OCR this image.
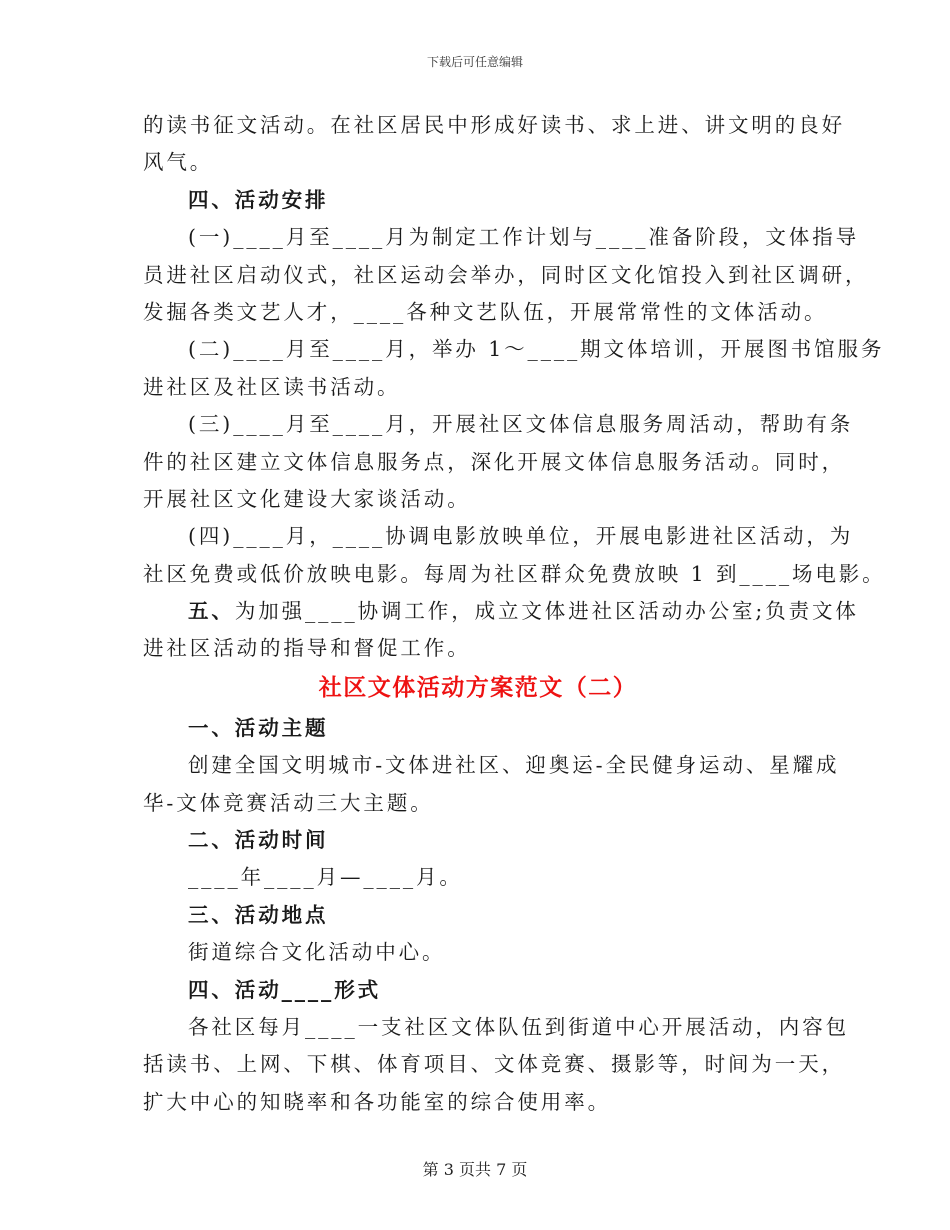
下载后可任意编辑
的读书征文活动。在社区居民中形成好读书、求上进、讲文明的良好
风气。
四、活动安排
(一)____月至____月为制定工作计划与____准备阶段，文体指导
员进社区启动仪式，社区运动会举办，同时区文化馆投入到社区调研，
发掘各类文艺人才，____各种文艺队伍，开展常常性的文体活动。
(二)____月至____月，举办 1～____期文体培训，开展图书馆服务
进社区及社区读书活动。
(三)____月至____月，开展社区文体信息服务周活动，帮助有条
件的社区建立文体信息服务点，深化开展文体信息服务活动。同时，
开展社区文化建设大家谈活动。
(四)____月，____协调电影放映单位，开展电影进社区活动，为
社区免费或低价放映电影。每周为社区群众免费放映 1 到____场电影。
五、为加强____协调工作，成立文体进社区活动办公室;负责文体
进社区活动的指导和督促工作。
社区文体活动方案范文（二）
一、活动主题
创建全国文明城市-文体进社区、迎奥运-全民健身运动、星耀成
华-文体竞赛活动三大主题。
二、活动时间
____年____月—____月。
三、活动地点
街道综合文化活动中心。
四、活动____形式
各社区每月____一支社区文体队伍到街道中心开展活动，内容包
括读书、上网、下棋、体育项目、文体竞赛、摄影等，时间为一天，
扩大中心的知晓率和各功能室的综合使用率。
第 3 页共 7 页
